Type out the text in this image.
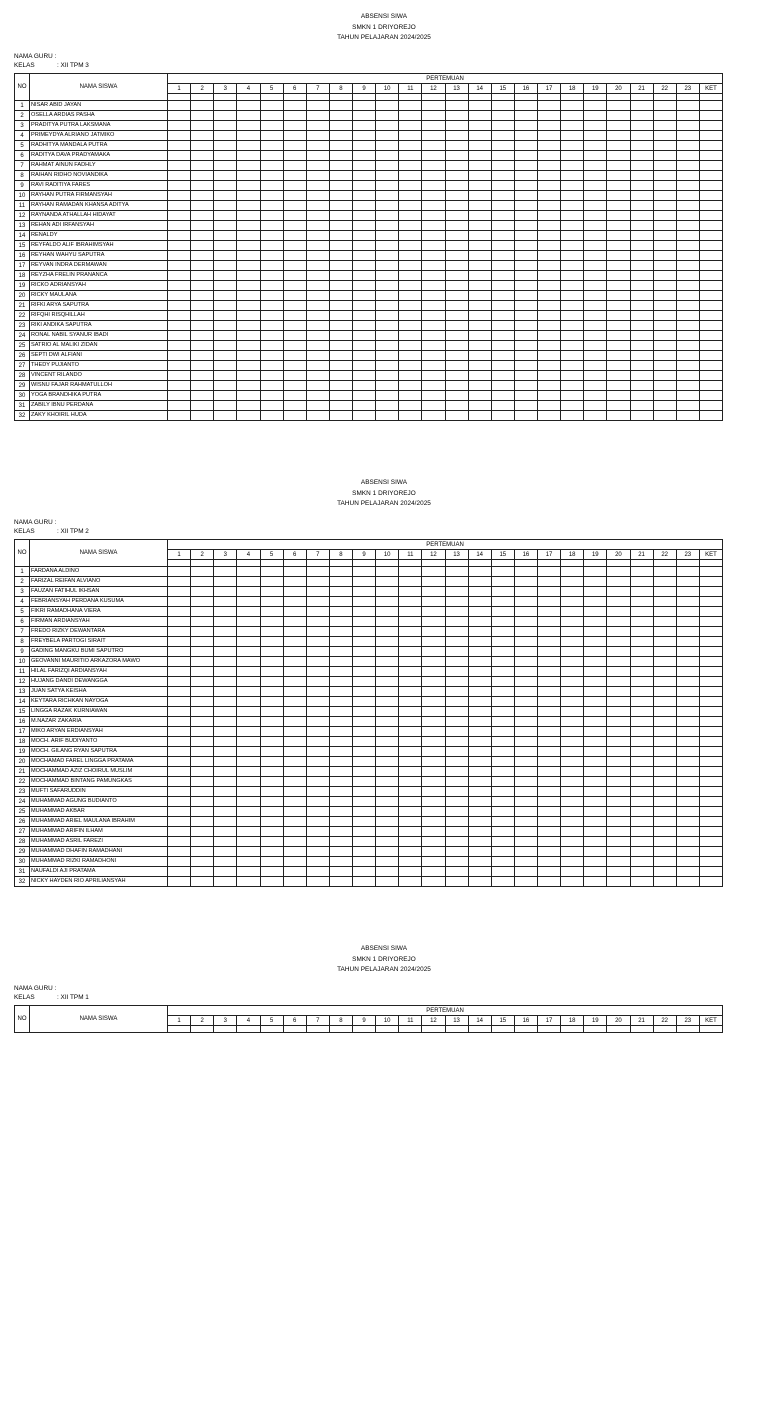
ABSENSI SIWA
SMKN 1 DRIYOREJO
TAHUN PELAJARAN 2024/2025
NAMA GURU :
KELAS	: XII TPM 3
NO	NAMA SISWA	PERTEMUAN																							
		1	2	3	4	5	6	7	8	9	10	11	12	13	14	15	16	17	18	19	20	21	22	23	KET

1	NISAR ABID JAYAN																								
2	OSELLA ARDIAS PASHA																								
3	PRADITYA PUTRA LAKSMANA																								
4	PRIMEYDYA ALRIANO JATMIKO																								
5	RADHITYA MANDALA PUTRA																								
6	RADITYA DAVA PRADYAMAKA																								
7	RAHMAT AINUN FADHLY																								
8	RAIHAN RIDHO NOVIANDIKA																								
9	RAVI RADITIYA FARES																								
10	RAYHAN PUTRA FIRMANSYAH																								
11	RAYHAN RAMADAN KHANSA ADITYA																								
12	RAYNANDA ATHALLAH HIDAYAT																								
13	REHAN ADI IRFANSYAH																								
14	RENALDY																								
15	REYFALDO ALIF IBRAHIMSYAH																								
16	REYHAN WAHYU SAPUTRA																								
17	REYVAN INDRA DERMAWAN																								
18	REYZHA FRELIN PRANANCA																								
19	RICKO ADRIANSYAH																								
20	RICKY MAULANA																								
21	RIFKI ARYA SAPUTRA																								
22	RIFQHI RISQHILLAH																								
23	RIKI ANDIKA SAPUTRA																								
24	RONAL NABIL SYANUR IBADI																								
25	SATRIO AL MALIKI ZIDAN																								
26	SEPTI DWI ALFIANI																								
27	THEDY PUJIANTO																								
28	VINCENT RILANDO																								
29	WISNU FAJAR RAHMATULLOH																								
30	YOGA BRANDHIKA PUTRA																								
31	ZABILY IBNU PERDANA																								
32	ZAKY KHOIRIL HUDA																								
ABSENSI SIWA
SMKN 1 DRIYOREJO
TAHUN PELAJARAN 2024/2025
NAMA GURU :
KELAS	: XII TPM 2
NO	NAMA SISWA	PERTEMUAN																							
		1	2	3	4	5	6	7	8	9	10	11	12	13	14	15	16	17	18	19	20	21	22	23	KET

1	FARDANA ALDINO																								
2	FARIZAL REIFAN ALVIANO																								
3	FAUZAN FATIHUL IKHSAN																								
4	FEBRIANSYAH PERDANA KUSUMA																								
5	FIKRI RAMADHANA VIERA																								
6	FIRMAN ARDIANSYAH																								
7	FREDO RIZKY DEWANTARA																								
8	FREYBELA PARTOGI SIRAIT																								
9	GADING MANGKU BUMI SAPUTRO																								
10	GEOVANNI MAURITIO ARKAZORA MAWO																								
11	HILAL FARIZQI ARDIANSYAH																								
12	HUJANG DANDI DEWANGGA																								
13	JUAN SATYA KEISHA																								
14	KEYTARA RICHKAN NAYOGA																								
15	LINGGA RAZAK KURNIAWAN																								
16	M.NAZAR ZAKARIA																								
17	MIKO ARYAN ERDIANSYAH																								
18	MOCH. ARIF BUDIYANTO																								
19	MOCH. GILANG RYAN SAPUTRA																								
20	MOCHAMAD FAREL LINGGA PRATAMA																								
21	MOCHAMMAD AZIZ CHOIRUL MUSLIM																								
22	MOCHAMMAD BINTANG PAMUNGKAS																								
23	MUFTI SAFARUDDIN																								
24	MUHAMMAD AGUNG BUDIANTO																								
25	MUHAMMAD AKBAR																								
26	MUHAMMAD ARIEL MAULANA IBRAHIM																								
27	MUHAMMAD ARIFIN ILHAM																								
28	MUHAMMAD ASRIL FAREZI																								
29	MUHAMMAD DHAFIN RAMADHANI																								
30	MUHAMMAD RIZKI RAMADHONI																								
31	NAUFALDI AJI PRATAMA																								
32	NICKY HAYDEN RIO APRILIANSYAH																								
ABSENSI SIWA
SMKN 1 DRIYOREJO
TAHUN PELAJARAN 2024/2025
NAMA GURU :
KELAS	: XII TPM 1
NO	NAMA SISWA	PERTEMUAN																							
		1	2	3	4	5	6	7	8	9	10	11	12	13	14	15	16	17	18	19	20	21	22	23	KET
